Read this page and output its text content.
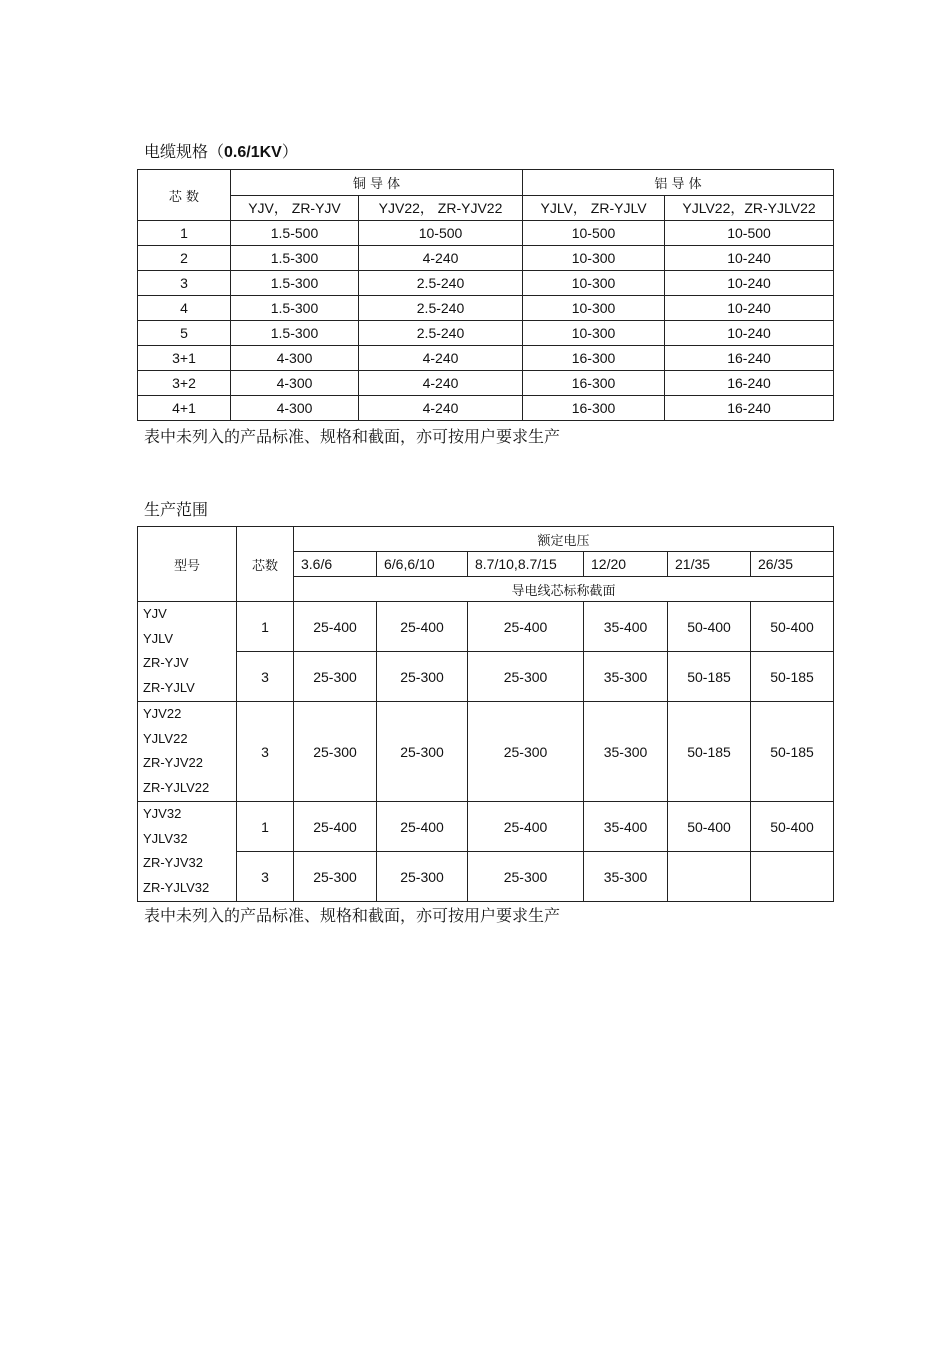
电缆规格（0.6/1KV）
芯 数	铜 导 体		铝 导 体	
	YJV， ZR-YJV	YJV22， ZR-YJV22	YJLV， ZR-YJLV	YJLV22，ZR-YJLV22
1	1.5-500	10-500	10-500	10-500
2	1.5-300	4-240	10-300	10-240
3	1.5-300	2.5-240	10-300	10-240
4	1.5-300	2.5-240	10-300	10-240
5	1.5-300	2.5-240	10-300	10-240
3+1	4-300	4-240	16-300	16-240
3+2	4-300	4-240	16-300	16-240
4+1	4-300	4-240	16-300	16-240
表中未列入的产品标准、规格和截面，亦可按用户要求生产
生产范围
型号	芯数	额定电压					
		3.6/6	6/6,6/10	8.7/10,8.7/15	12/20	21/35	26/35
		导电线芯标称截面					

YJV
YJLV
ZR-YJV
ZR-YJLV	1	25-400	25-400	25-400	35-400	50-400	50-400
	3	25-300	25-300	25-300	35-300	50-185	50-185

YJV22
YJLV22
ZR-YJV22
ZR-YJLV22	3	25-300	25-300	25-300	35-300	50-185	50-185

YJV32
YJLV32
ZR-YJV32
ZR-YJLV32	1	25-400	25-400	25-400	35-400	50-400	50-400
	3	25-300	25-300	25-300	35-300		
表中未列入的产品标准、规格和截面，亦可按用户要求生产
